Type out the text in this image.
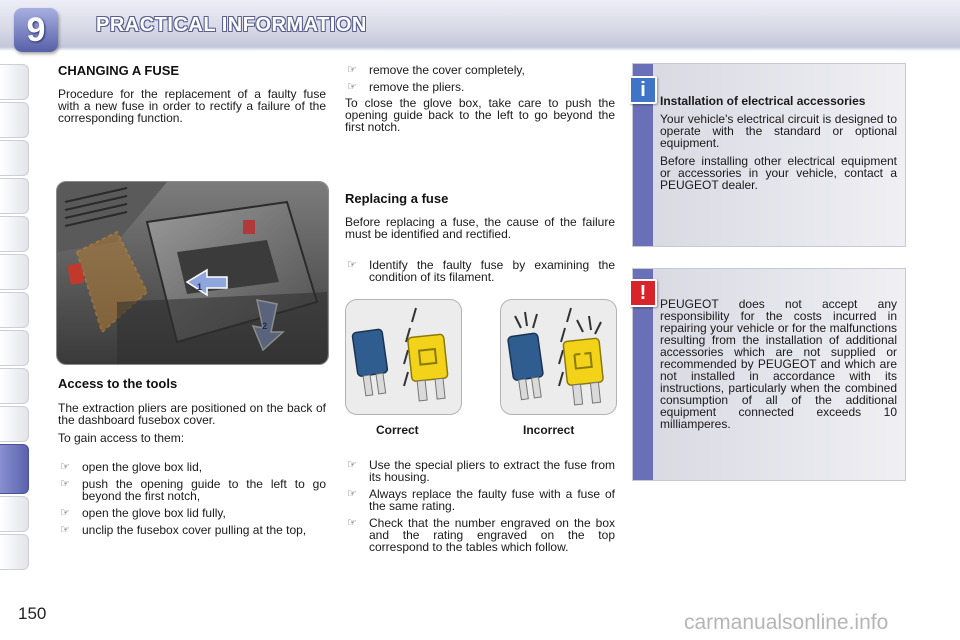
9	PRACTICAL INFORMATION
CHANGING A FUSE

Procedure for the replacement of a faulty fuse with a new fuse in order to rectify a failure of the corresponding function.

1
2
Access to the tools

The extraction pliers are positioned on the back of the dashboard fusebox cover.

To gain access to them:

☞ open the glove box lid,
☞ push the opening guide to the left to go beyond the first notch,
☞ open the glove box lid fully,
☞ unclip the fusebox cover pulling at the top,
☞ remove the cover completely,
☞ remove the pliers.

To close the glove box, take care to push the opening guide back to the left to go beyond the first notch.

Replacing a fuse

Before replacing a fuse, the cause of the failure must be identified and rectified.

☞ Identify the faulty fuse by examining the condition of its filament.
Correct	Incorrect
☞ Use the special pliers to extract the fuse from its housing.
☞ Always replace the faulty fuse with a fuse of the same rating.
☞ Check that the number engraved on the box and the rating engraved on the top correspond to the tables which follow.
i	Installation of electrical accessories

Your vehicle's electrical circuit is designed to operate with the standard or optional equipment.

Before installing other electrical equipment or accessories in your vehicle, contact a PEUGEOT dealer.

!	PEUGEOT does not accept any responsibility for the costs incurred in repairing your vehicle or for the malfunctions resulting from the installation of additional accessories which are not supplied or recommended by PEUGEOT and which are not installed in accordance with its instructions, particularly when the combined consumption of all of the additional equipment connected exceeds 10 milliamperes.

150	carmanualsonline.info
